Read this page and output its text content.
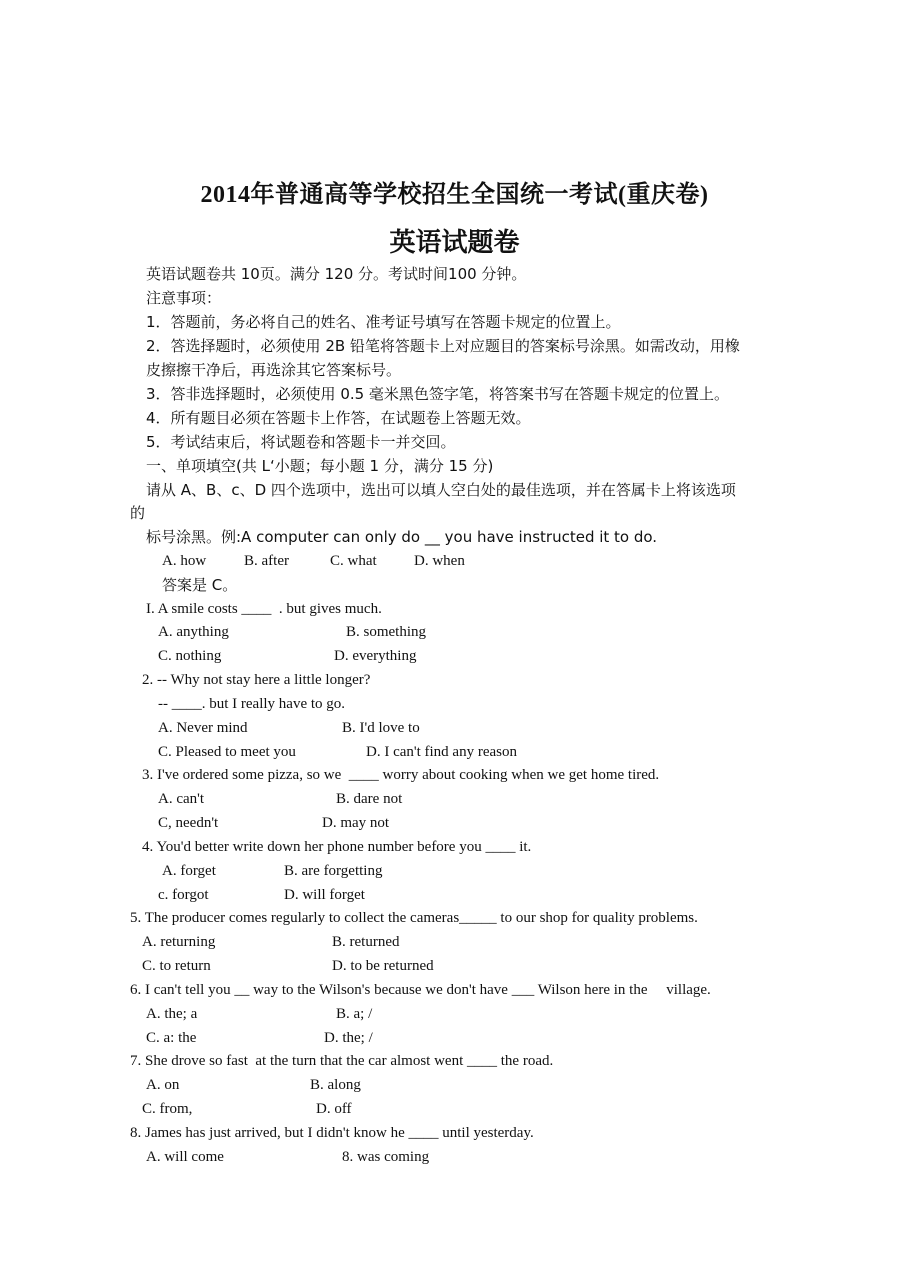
2014年普通高等学校招生全国统一考试(重庆卷)
英语试题卷
英语试题卷共 10页。满分 120 分。考试时间100 分钟。
注意事项：
1．答题前，务必将自己的姓名、准考证号填写在答题卡规定的位置上。
2．答选择题时，必须使用 2B 铅笔将答题卡上对应题目的答案标号涂黑。如需改动，用橡
皮擦擦干净后，再选涂其它答案标号。
3．答非选择题时，必须使用 0.5 毫米黑色签字笔，将答案书写在答题卡规定的位置上。
4．所有题目必须在答题卡上作答，在试题卷上答题无效。
5．考试结束后，将试题卷和答题卡一并交回。
一、单项填空(共 L‘小题；每小题 1 分，满分 15 分)
请从 A、B、c、D 四个选项中，选出可以填人空白处的最佳选项，并在答属卡上将该选项
的
标号涂黑。例:A computer can only do __ you have instructed it to do.
A. how	B. after	C. what D. when
答案是 C。
I. A smile costs ____  . but gives much.
A. anything	B. something
C. nothing	D. everything
2. -- Why not stay here a little longer?
-- ____. but I really have to go.
A. Never mind	B. I'd love to
C. Pleased to meet you	D. I can't find any reason
3. I've ordered some pizza, so we  ____ worry about cooking when we get home tired.
A. can't	B. dare not
C, needn't	D. may not
4. You'd better write down her phone number before you ____ it.
A. forget	B. are forgetting
c. forgot	D. will forget
5. The producer comes regularly to collect the cameras_____ to our shop for quality problems.
A. returning	B. returned
C. to return	D. to be returned
6. I can't tell you __ way to the Wilson's because we don't have ___ Wilson here in the     village.
A. the; a	B. a; /
C. a: the	D. the; /
7. She drove so fast  at the turn that the car almost went ____ the road.
A. on	B. along
C. from,	D. off
8. James has just arrived, but I didn't know he ____ until yesterday.
A. will come	8. was coming
